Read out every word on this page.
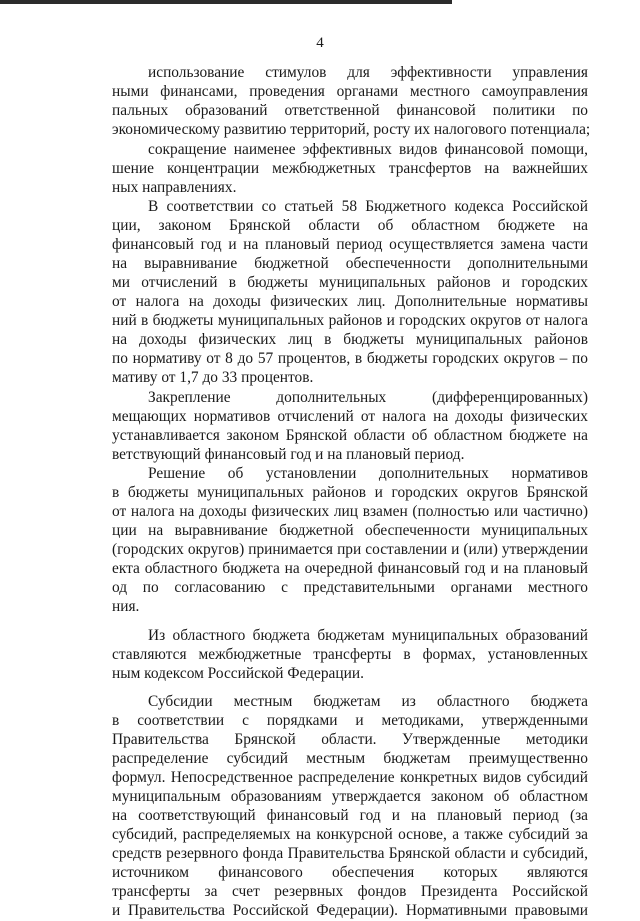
4
использование стимулов для эффективности управления
ными финансами, проведения органами местного самоуправления
пальных образований ответственной финансовой политики по
экономическому развитию территорий, росту их налогового потенциала;
сокращение наименее эффективных видов финансовой помощи,
шение концентрации межбюджетных трансфертов на важнейших
ных направлениях.
В соответствии со статьей 58 Бюджетного кодекса Российской
ции, законом Брянской области об областном бюджете на
финансовый год и на плановый период осуществляется замена части
на выравнивание бюджетной обеспеченности дополнительными
ми отчислений в бюджеты муниципальных районов и городских
от налога на доходы физических лиц. Дополнительные нормативы
ний в бюджеты муниципальных районов и городских округов от налога
на доходы физических лиц в бюджеты муниципальных районов
по нормативу от 8 до 57 процентов, в бюджеты городских округов – по
мативу от 1,7 до 33 процентов.
Закрепление дополнительных (дифференцированных)
мещающих нормативов отчислений от налога на доходы физических
устанавливается законом Брянской области об областном бюджете на
ветствующий финансовый год и на плановый период.
Решение об установлении дополнительных нормативов
в бюджеты муниципальных районов и городских округов Брянской
от налога на доходы физических лиц взамен (полностью или частично)
ции на выравнивание бюджетной обеспеченности муниципальных
(городских округов) принимается при составлении и (или) утверждении
екта областного бюджета на очередной финансовый год и на плановый
од по согласованию с представительными органами местного
ния.
Из областного бюджета бюджетам муниципальных образований
ставляются межбюджетные трансферты в формах, установленных
ным кодексом Российской Федерации.
Субсидии местным бюджетам из областного бюджета
в соответствии с порядками и методиками, утвержденными
Правительства Брянской области. Утвержденные методики
распределение субсидий местным бюджетам преимущественно
формул. Непосредственное распределение конкретных видов субсидий
муниципальным образованиям утверждается законом об областном
на соответствующий финансовый год и на плановый период (за
субсидий, распределяемых на конкурсной основе, а также субсидий за
средств резервного фонда Правительства Брянской области и субсидий,
источником финансового обеспечения которых являются
трансферты за счет резервных фондов Президента Российской
и Правительства Российской Федерации). Нормативными правовыми
